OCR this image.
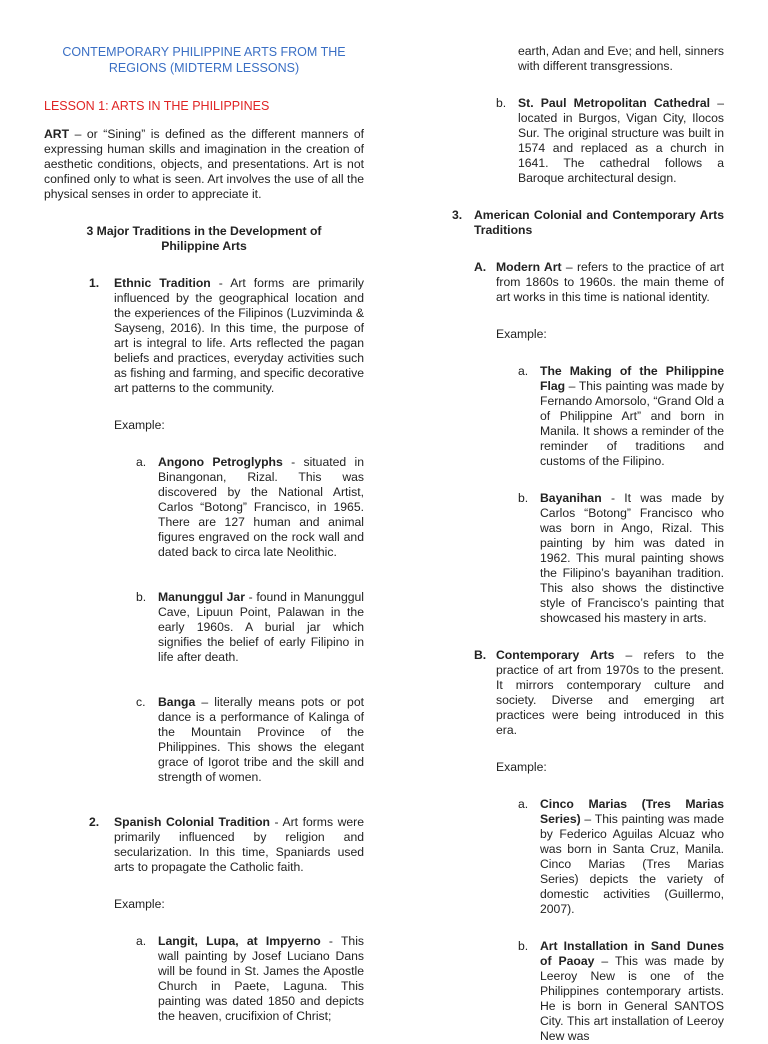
CONTEMPORARY PHILIPPINE ARTS FROM THE REGIONS (MIDTERM LESSONS)

LESSON 1: ARTS IN THE PHILIPPINES

ART – or “Sining” is defined as the different manners of expressing human skills and imagination in the creation of aesthetic conditions, objects, and presentations. Art is not confined only to what is seen. Art involves the use of all the physical senses in order to appreciate it.

3 Major Traditions in the Development of Philippine Arts

1. Ethnic Tradition - Art forms are primarily influenced by the geographical location and the experiences of the Filipinos (Luzviminda & Sayseng, 2016). In this time, the purpose of art is integral to life. Arts reflected the pagan beliefs and practices, everyday activities such as fishing and farming, and specific decorative art patterns to the community.

Example:

a. Angono Petroglyphs - situated in Binangonan, Rizal. This was discovered by the National Artist, Carlos “Botong” Francisco, in 1965. There are 127 human and animal figures engraved on the rock wall and dated back to circa late Neolithic.

b. Manunggul Jar - found in Manunggul Cave, Lipuun Point, Palawan in the early 1960s. A burial jar which signifies the belief of early Filipino in life after death.

c. Banga – literally means pots or pot dance is a performance of Kalinga of the Mountain Province of the Philippines. This shows the elegant grace of Igorot tribe and the skill and strength of women.

2. Spanish Colonial Tradition - Art forms were primarily influenced by religion and secularization. In this time, Spaniards used arts to propagate the Catholic faith.

Example:

a. Langit, Lupa, at Impyerno - This wall painting by Josef Luciano Dans will be found in St. James the Apostle Church in Paete, Laguna. This painting was dated 1850 and depicts the heaven, crucifixion of Christ;

earth, Adan and Eve; and hell, sinners with different transgressions.

b. St. Paul Metropolitan Cathedral – located in Burgos, Vigan City, Ilocos Sur. The original structure was built in 1574 and replaced as a church in 1641. The cathedral follows a Baroque architectural design.

3. American Colonial and Contemporary Arts Traditions

A. Modern Art – refers to the practice of art from 1860s to 1960s. the main theme of art works in this time is national identity.

Example:

a. The Making of the Philippine Flag – This painting was made by Fernando Amorsolo, “Grand Old a of Philippine Art” and born in Manila. It shows a reminder of the reminder of traditions and customs of the Filipino.

b. Bayanihan - It was made by Carlos “Botong” Francisco who was born in Ango, Rizal. This painting by him was dated in 1962. This mural painting shows the Filipino’s bayanihan tradition. This also shows the distinctive style of Francisco’s painting that showcased his mastery in arts.

B. Contemporary Arts – refers to the practice of art from 1970s to the present. It mirrors contemporary culture and society. Diverse and emerging art practices were being introduced in this era.

Example:

a. Cinco Marias (Tres Marias Series) – This painting was made by Federico Aguilas Alcuaz who was born in Santa Cruz, Manila. Cinco Marias (Tres Marias Series) depicts the variety of domestic activities (Guillermo, 2007).

b. Art Installation in Sand Dunes of Paoay – This was made by Leeroy New is one of the Philippines contemporary artists. He is born in General SANTOS City. This art installation of Leeroy New was
